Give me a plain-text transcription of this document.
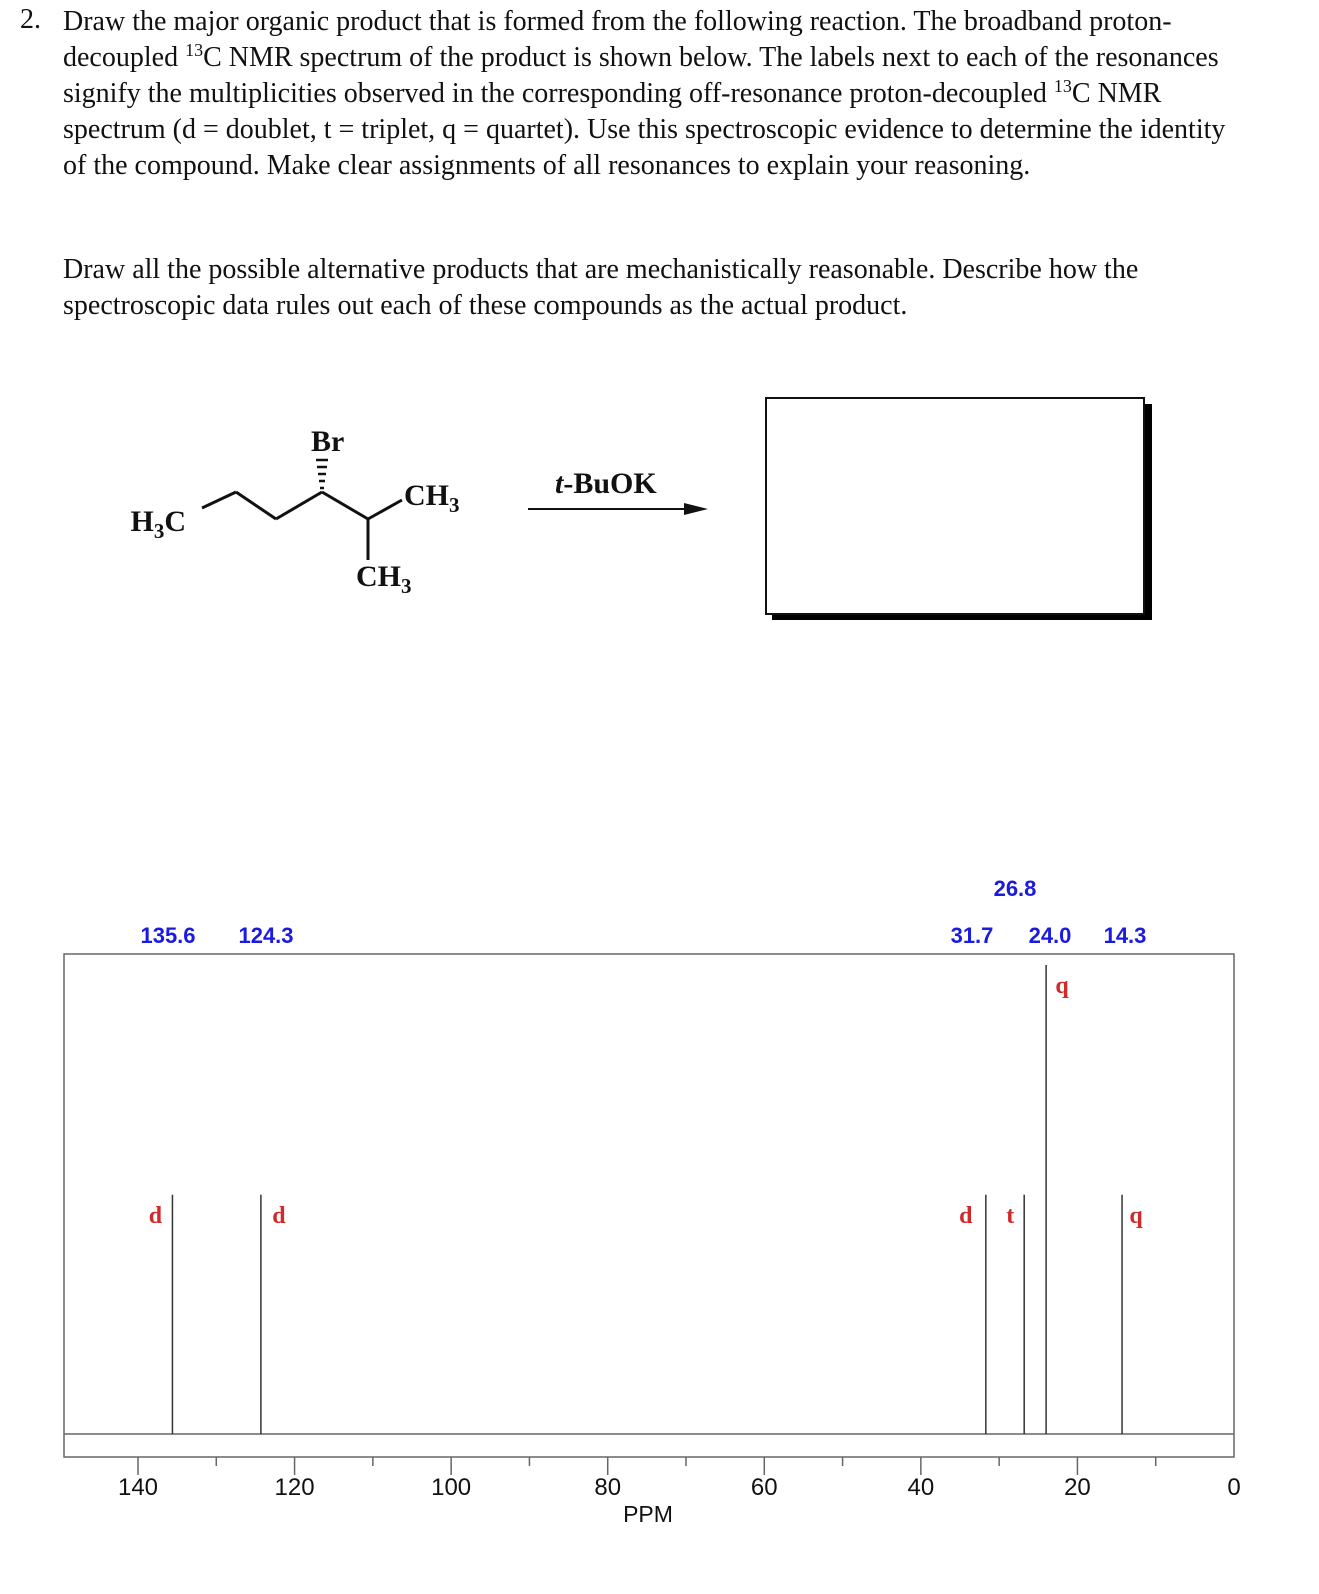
2. Draw the major organic product that is formed from the following reaction. The broadband proton-decoupled $^{13}$C NMR spectrum of the product is shown below. The labels next to each of the resonances signify the multiplicities observed in the corresponding off-resonance proton-decoupled $^{13}$C NMR spectrum (d = doublet, t = triplet, q = quartet). Use this spectroscopic evidence to determine the identity of the compound. Make clear assignments of all resonances to explain your reasoning.

Draw all the possible alternative products that are mechanistically reasonable. Describe how the spectroscopic data rules out each of these compounds as the actual product.

$H_3C$
Br
$CH_3$
$CH_3$
t-BuOK
140	120	100	80	60	40	20	0
d
135.6
d
124.3
d
31.7
t
26.8
q
24.0
q
14.3
PPM
